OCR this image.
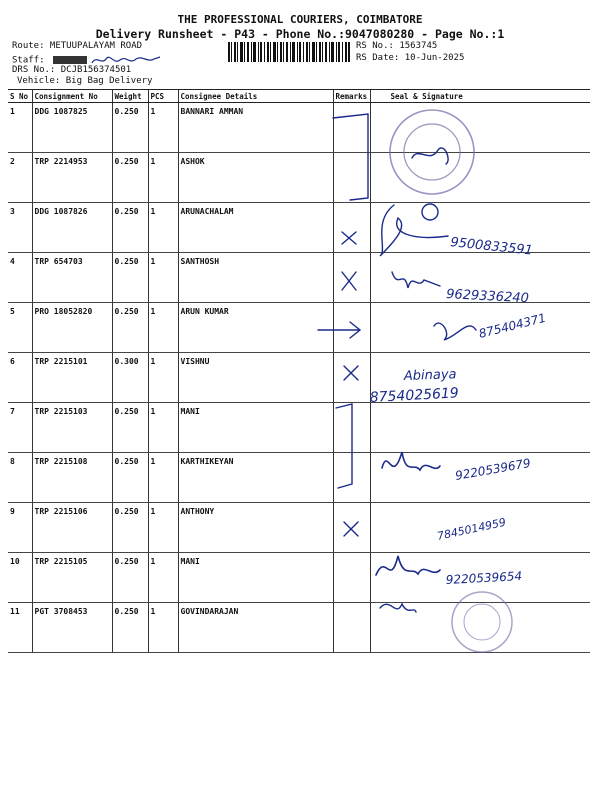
THE PROFESSIONAL COURIERS, COIMBATORE
Delivery Runsheet - P43 - Phone No.:9047080280 - Page No.:1
Route: METUUPALAYAM ROAD
Staff:
DRS No.: DCJB156374501
Vehicle: Big Bag Delivery
RS No.: 1563745
RS Date: 10-Jun-2025
S No	Consignment No	Weight	PCS	Consignee Details	Remarks	Seal & Signature
1	DDG 1087825	0.250	1	BANNARI AMMAN		
2	TRP 2214953	0.250	1	ASHOK		
3	DDG 1087826	0.250	1	ARUNACHALAM		
4	TRP 654703	0.250	1	SANTHOSH		
5	PRO 18052820	0.250	1	ARUN KUMAR		
6	TRP 2215101	0.300	1	VISHNU		
7	TRP 2215103	0.250	1	MANI		
8	TRP 2215108	0.250	1	KARTHIKEYAN		
9	TRP 2215106	0.250	1	ANTHONY		
10	TRP 2215105	0.250	1	MANI		
11	PGT 3708453	0.250	1	GOVINDARAJAN		
9500833591
9629336240
875404371
Abinaya
8754025619
9220539679
7845014959
9220539654
